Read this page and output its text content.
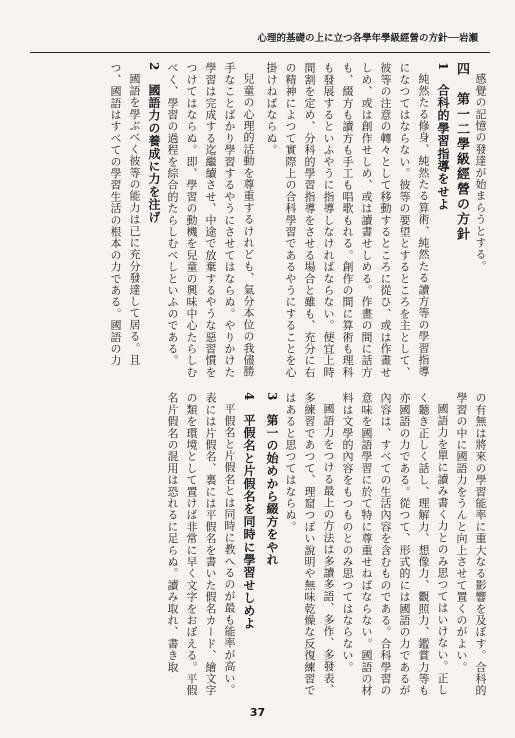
心理的基礎の上に立つ各學年學級經營の方針──岩瀬

感覺の記憶の發達が始まらうとする。

四　第一二學級經營の方針

1　合科的學習指導をせよ

純然たる修身、純然たる算術、純然たる讀方等の學習指導になつてはならない。彼等の要望とするところを主として、彼等の注意の轉々として移動するところに從ひ、或は作畫せしめ、或は創作せしめ、或は讀書せしめる。作畫の間に話方も、綴方も讀方も手工も唱歌もれる。創作の間に算術も理科も發展するといふやうに指導しなければならない。便宜上時間割を定め、分科的學習指導をさせる場合と雖も、充分に右の精神によつて實際上の合科學習であるやうにすることを心掛けねばならぬ。

兒童の心理的活動を尊重するけれども、氣分本位の我儘勝手なことばかり學習するやうにさせてはならぬ。やりかけた學習は完成する迄繼續させ、中途で放棄するやうな惡習慣をつけてはならぬ。即、學習の動機を兒童の興味中心たらしむべく、學習の過程を綜合的たらしむべしといふのである。

2　國語力の養成に力を注げ

國語を學ぶべく彼等の能力は已に充分發達して居る。且つ、國語はすべての學習生活の根本の力である。國語の力

の有無は將來の學習能率に重大なる影響を及ぼす。合科的學習の中に國語力をうんと向上させて置くのがよい。

國語力を單に讀み書く力とのみ思つてはいけない。正しく聽き正しく話し、理解力、想像力、觀照力、鑑賞力等も亦國語の力である。從つて、形式的には國語の力であるが內容は、すべての生活內容を含むものである。合科學習の意味を國語學習に於て特に尊重せねばならない。國語の材料は文學的內容をもつものとのみ思つてはならない。

國語力をつける最上の方法は多讀多語、多作、多發表、多練習であつて、理窟つぽい說明や無味乾燥な反復練習ではあると思つてはならぬ。

3　第一の始めから綴方をやれ

4　平假名と片假名を同時に學習せしめよ

平假名と片假名とは同時に教へるのが最も能率が高い。表には片假名、裏には平假名を書いた假名カード、繪文字の類を環境として置けば非常に早く文字をおぼえる。平假名片假名の混用は恐れるに足らぬ。讀み取れ、書き取

37
